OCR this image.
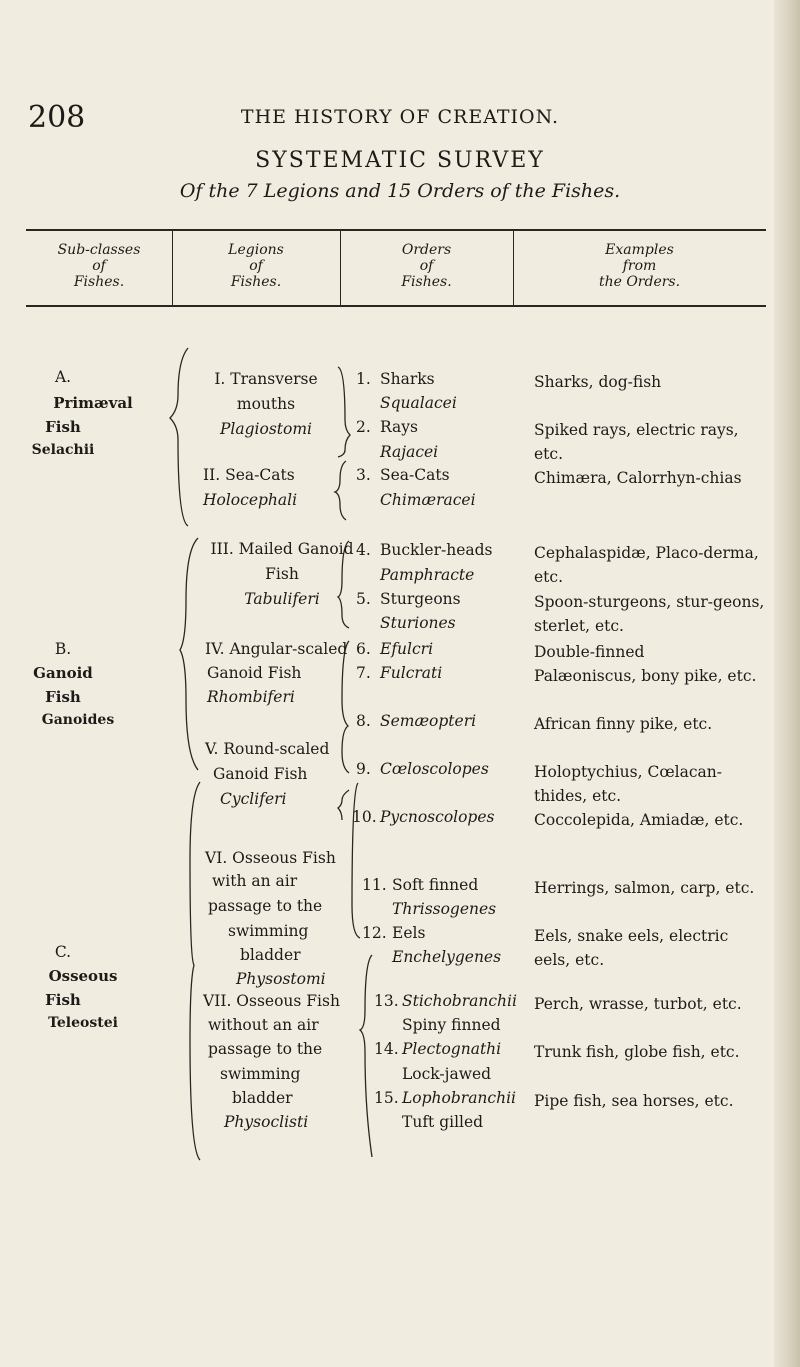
208	THE HISTORY OF CREATION.
SYSTEMATIC SURVEY
Of the 7 Legions and 15 Orders of the Fishes.
Sub-classes
of
Fishes.
Legions
of
Fishes.
Orders
of
Fishes.
Examples
from
the Orders.
A.
Primæval
Fish
Selachii
B.
Ganoid
Fish
Ganoides
C.
Osseous
Fish
Teleostei
I. Transverse
mouths
Plagiostomi
II. Sea-Cats
Holocephali
III. Mailed Ganoid
Fish
Tabuliferi
IV. Angular-scaled
Ganoid Fish
Rhombiferi
V. Round-scaled
Ganoid Fish
Cycliferi
VI. Osseous Fish
with an air
passage to the
swimming
bladder
Physostomi
VII. Osseous Fish
without an air
passage to the
swimming
bladder
Physoclisti
1. Sharks
Squalacei
2. Rays
Rajacei
3. Sea-Cats
Chimæracei
4. Buckler-heads
Pamphracte
5. Sturgeons
Sturiones
6. Efulcri
7. Fulcrati
8. Semæopteri
9. Cœloscolopes
10. Pycnoscolopes
11. Soft finned
Thrissogenes
12. Eels
Enchelygenes
13. Stichobranchii
Spiny finned
14. Plectognathi
Lock-jawed
15. Lophobranchii
Tuft gilled
Sharks, dog-fish
Spiked rays, electric rays, etc.
Chimæra, Calorrhyn-chias
Cephalaspidæ, Placo-derma, etc.
Spoon-sturgeons, stur-geons, sterlet, etc.
Double-finned
Palæoniscus, bony pike, etc.
African finny pike, etc.
Holoptychius, Cœlacan-thides, etc.
Coccolepida, Amiadæ, etc.
Herrings, salmon, carp, etc.
Eels, snake eels, electric eels, etc.
Perch, wrasse, turbot, etc.
Trunk fish, globe fish, etc.
Pipe fish, sea horses, etc.
